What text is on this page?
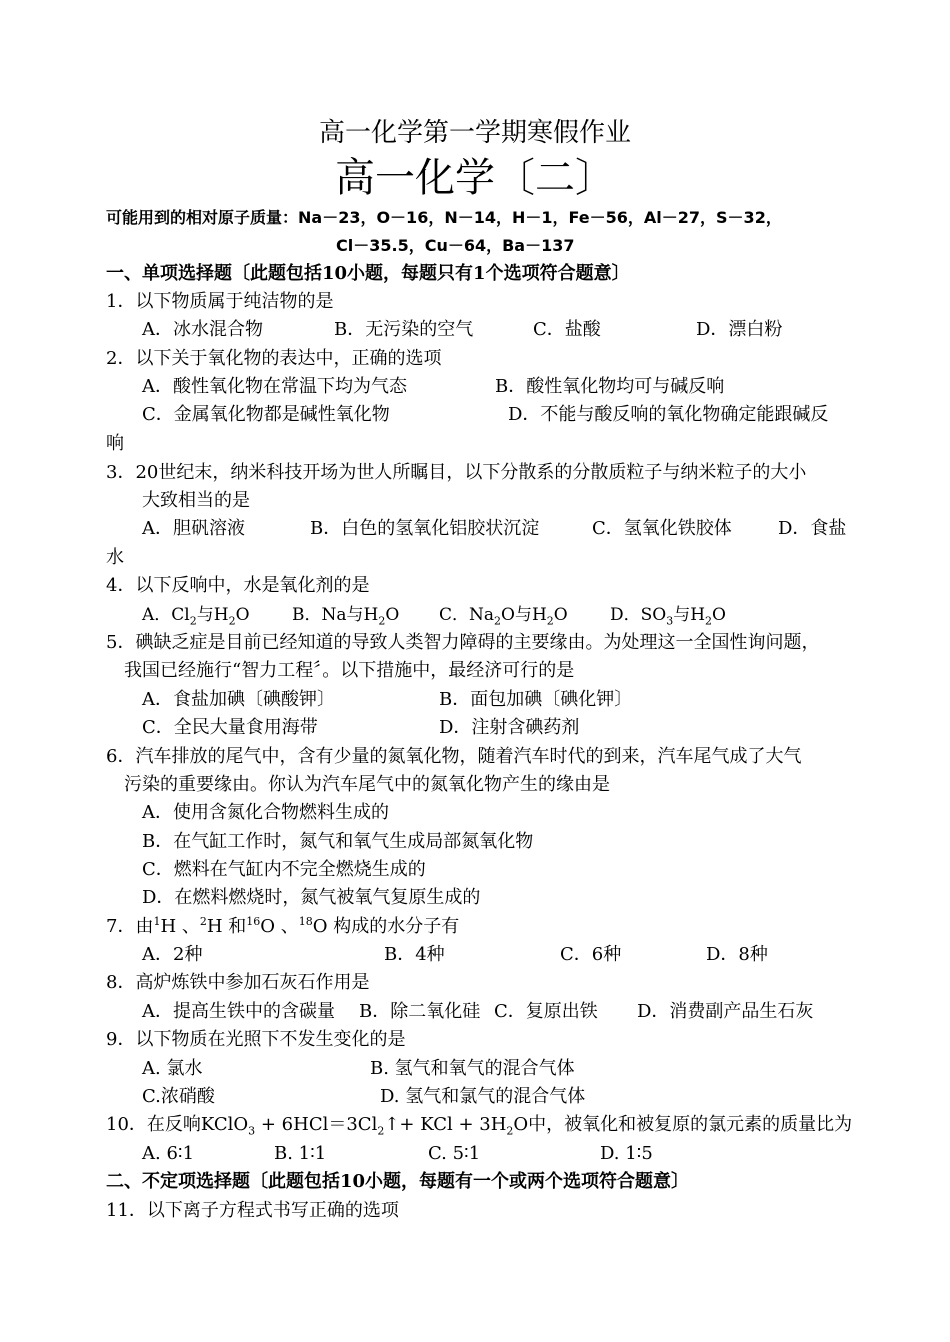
高一化学第一学期寒假作业
高一化学〔二〕
可能用到的相对原子质量：Na－23，O－16，N－14，H－1，Fe－56，Al－27，S－32，
Cl－35.5，Cu－64，Ba－137
一、单项选择题〔此题包括10小题，每题只有1个选项符合题意〕
1．以下物质属于纯洁物的是
A．冰水混合物	B．无污染的空气	C．盐酸	D．漂白粉
2．以下关于氧化物的表达中，正确的选项
A．酸性氧化物在常温下均为气态	B．酸性氧化物均可与碱反响
C．金属氧化物都是碱性氧化物	D．不能与酸反响的氧化物确定能跟碱反
响
3．20世纪末，纳米科技开场为世人所瞩目，以下分散系的分散质粒子与纳米粒子的大小
大致相当的是
A．胆矾溶液	B．白色的氢氧化铝胶状沉淀	C．氢氧化铁胶体	D．食盐
水
4．以下反响中，水是氧化剂的是
A．$Cl_2$与$H_2O$	B．Na与$H_2O$ C．$Na_2O$与$H_2O$ D．$SO_3$与$H_2O$
5．碘缺乏症是目前已经知道的导致人类智力障碍的主要缘由。为处理这一全国性询问题，
我国已经施行“智力工程〞。以下措施中，最经济可行的是
A．食盐加碘〔碘酸钾〕	B．面包加碘〔碘化钾〕
C．全民大量食用海带	D．注射含碘药剂
6．汽车排放的尾气中，含有少量的氮氧化物，随着汽车时代的到来，汽车尾气成了大气
污染的重要缘由。你认为汽车尾气中的氮氧化物产生的缘由是
A．使用含氮化合物燃料生成的
B．在气缸工作时，氮气和氧气生成局部氮氧化物
C．燃料在气缸内不完全燃烧生成的
D．在燃料燃烧时，氮气被氧气复原生成的
7．由$^1$H 、$^2$H 和$^{16}$O 、$^{18}$O 构成的水分子有
A．2种	B．4种	C．6种	D．8种
8．高炉炼铁中参加石灰石作用是
A．提高生铁中的含碳量 B．除二氧化硅 C．复原出铁 D．消费副产品生石灰
9．以下物质在光照下不发生变化的是
A. 氯水	B. 氢气和氧气的混合气体
C.浓硝酸	D. 氢气和氯气的混合气体
10．在反响KClO$_3$ + $6HCl=3Cl_2↑+$ KCl + $3H_2O$中，被氧化和被复原的氯元素的质量比为
A. 6∶1	B. 1∶1	C. 5∶1	D. 1∶5
二、不定项选择题〔此题包括10小题，每题有一个或两个选项符合题意〕
11．以下离子方程式书写正确的选项
